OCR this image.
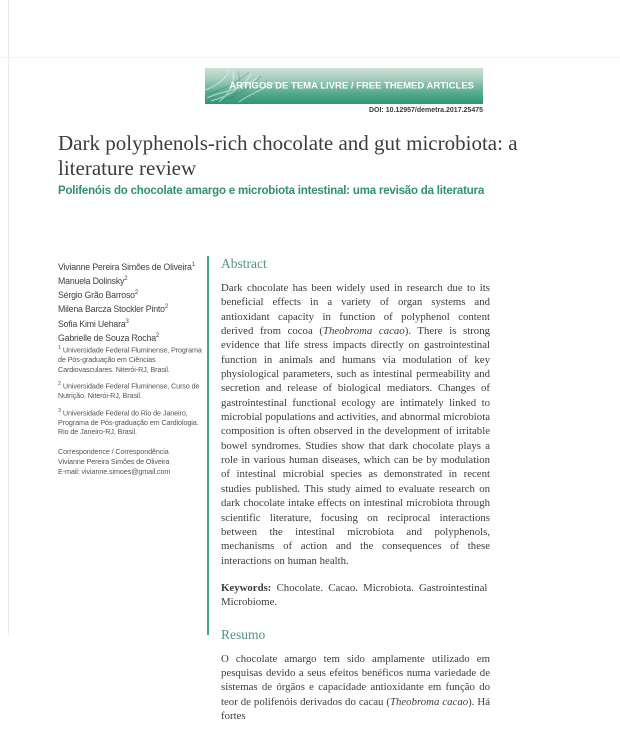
ARTIGOS DE TEMA LIVRE / FREE THEMED ARTICLES
DOI: 10.12957/demetra.2017.25475
Dark polyphenols-rich chocolate and gut microbiota: a literature review
Polifenóis do chocolate amargo e microbiota intestinal: uma revisão da literatura
Vivianne Pereira Simões de Oliveira$^1$
Manuela Dolinsky$^2$
Sérgio Grão Barroso$^2$
Milena Barcza Stockler Pinto$^2$
Sofia Kimi Uehara$^3$
Gabrielle de Souza Rocha$^2$

$^1$ Universidade Federal Fluminense, Programa de Pós-graduação em Ciências Cardiovasculares. Niterói-RJ, Brasil.

$^2$ Universidade Federal Fluminense, Curso de Nutrição. Niterói-RJ, Brasil.

$^3$ Universidade Federal do Rio de Janeiro, Programa de Pós-graduação em Cardiologia. Rio de Janeiro-RJ, Brasil.

Correspondence / Correspondência

Vivianne Pereira Simões de Oliveira

E-mail: vivianne.simoes@gmail.com

Abstract

Dark chocolate has been widely used in research due to its beneficial effects in a variety of organ systems and antioxidant capacity in function of polyphenol content derived from cocoa (Theobroma cacao). There is strong evidence that life stress impacts directly on gastrointestinal function in animals and humans via modulation of key physiological parameters, such as intestinal permeability and secretion and release of biological mediators. Changes of gastrointestinal functional ecology are intimately linked to microbial populations and activities, and abnormal microbiota composition is often observed in the development of irritable bowel syndromes. Studies show that dark chocolate plays a role in various human diseases, which can be by modulation of intestinal microbial species as demonstrated in recent studies published. This study aimed to evaluate research on dark chocolate intake effects on intestinal microbiota through scientific literature, focusing on reciprocal interactions between the intestinal microbiota and polyphenols, mechanisms of action and the consequences of these interactions on human health.

Keywords: Chocolate. Cacao. Microbiota. Gastrointestinal Microbiome.

Resumo

O chocolate amargo tem sido amplamente utilizado em pesquisas devido a seus efeitos benéficos numa variedade de sistemas de órgãos e capacidade antioxidante em função do teor de polifenóis derivados do cacau (Theobroma cacao). Há fortes
